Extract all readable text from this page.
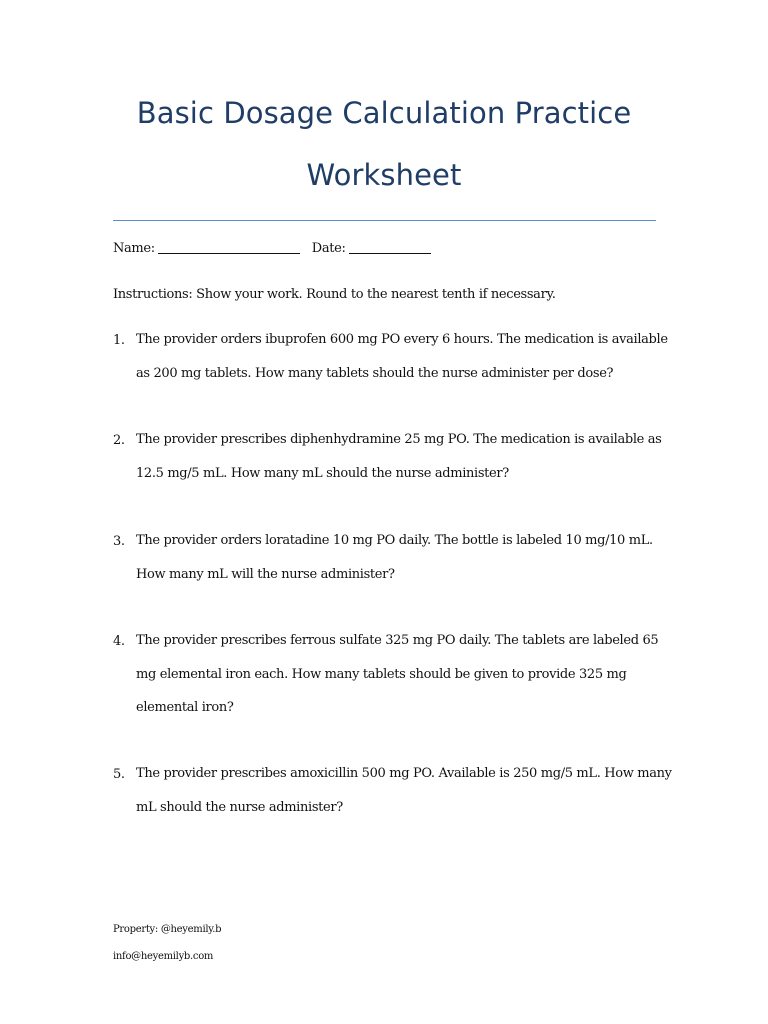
Basic Dosage Calculation Practice
Worksheet
Name:	Date:
Instructions: Show your work. Round to the nearest tenth if necessary.
1. The provider orders ibuprofen 600 mg PO every 6 hours. The medication is available as 200 mg tablets. How many tablets should the nurse administer per dose?
2. The provider prescribes diphenhydramine 25 mg PO. The medication is available as 12.5 mg/5 mL. How many mL should the nurse administer?
3. The provider orders loratadine 10 mg PO daily. The bottle is labeled 10 mg/10 mL. How many mL will the nurse administer?
4. The provider prescribes ferrous sulfate 325 mg PO daily. The tablets are labeled 65 mg elemental iron each. How many tablets should be given to provide 325 mg elemental iron?
5. The provider prescribes amoxicillin 500 mg PO. Available is 250 mg/5 mL. How many mL should the nurse administer?
Property: @heyemily.b
info@heyemilyb.com
